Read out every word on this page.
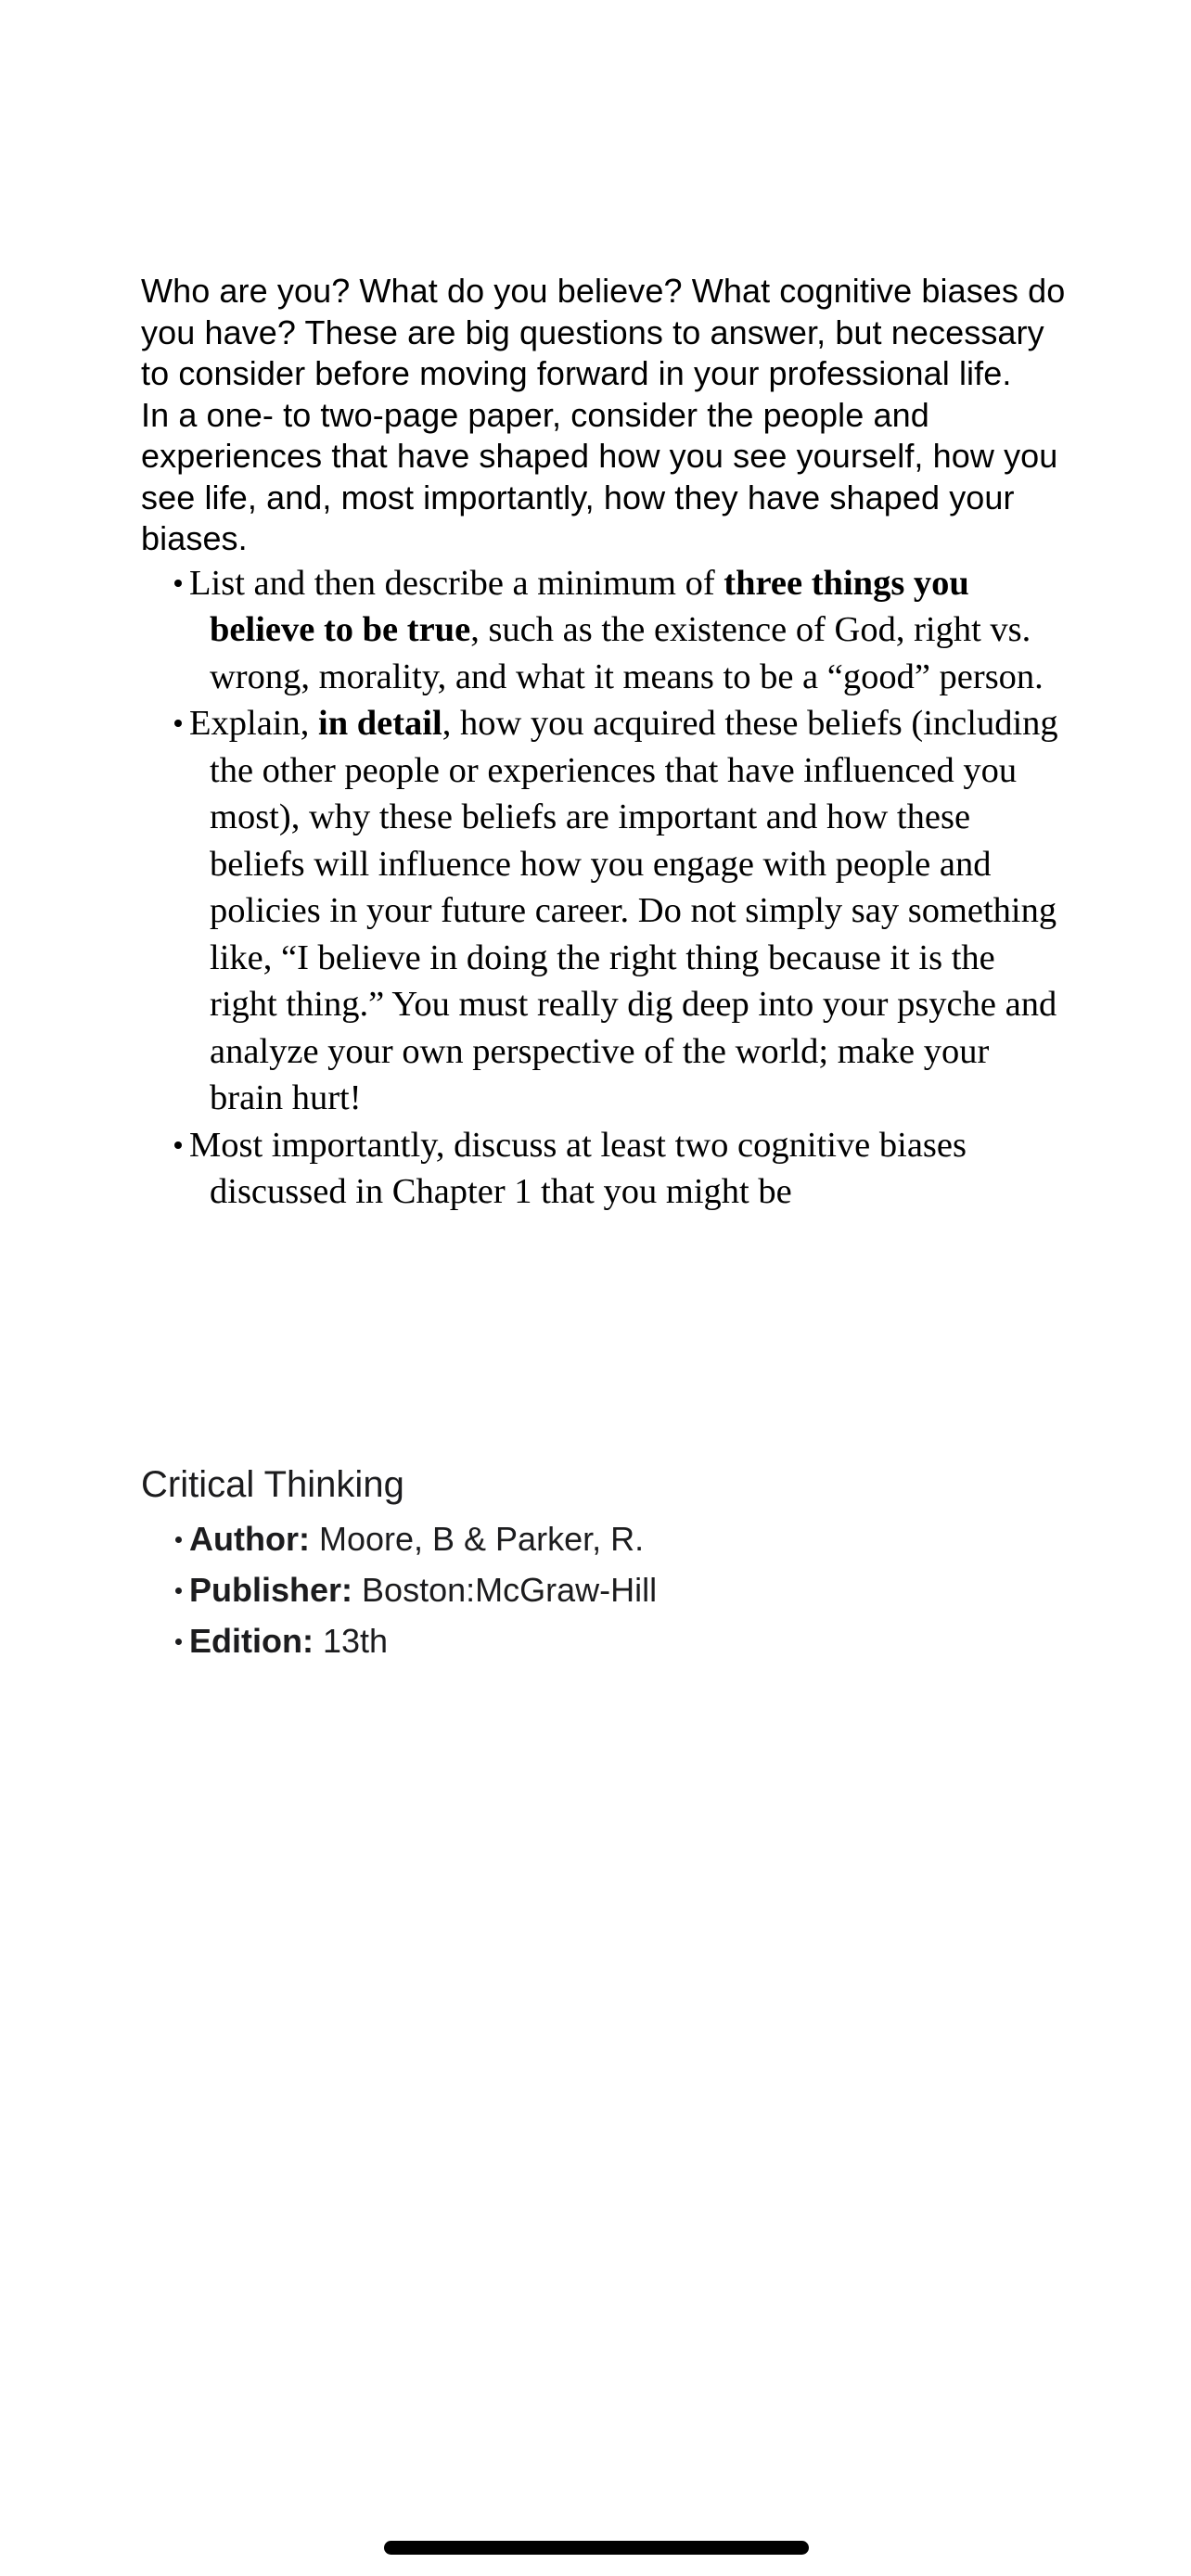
Who are you? What do you believe? What cognitive biases do you have? These are big questions to answer, but necessary to consider before moving forward in your professional life.

In a one- to two-page paper, consider the people and experiences that have shaped how you see yourself, how you see life, and, most importantly, how they have shaped your biases.

List and then describe a minimum of three things you believe to be true, such as the existence of God, right vs. wrong, morality, and what it means to be a “good” person.
Explain, in detail, how you acquired these beliefs (including the other people or experiences that have influenced you most), why these beliefs are important and how these beliefs will influence how you engage with people and policies in your future career. Do not simply say something like, “I believe in doing the right thing because it is the right thing.” You must really dig deep into your psyche and analyze your own perspective of the world; make your brain hurt!
Most importantly, discuss at least two cognitive biases discussed in Chapter 1 that you might be

Critical Thinking

Author: Moore, B & Parker, R.
Publisher: Boston:McGraw-Hill
Edition: 13th
